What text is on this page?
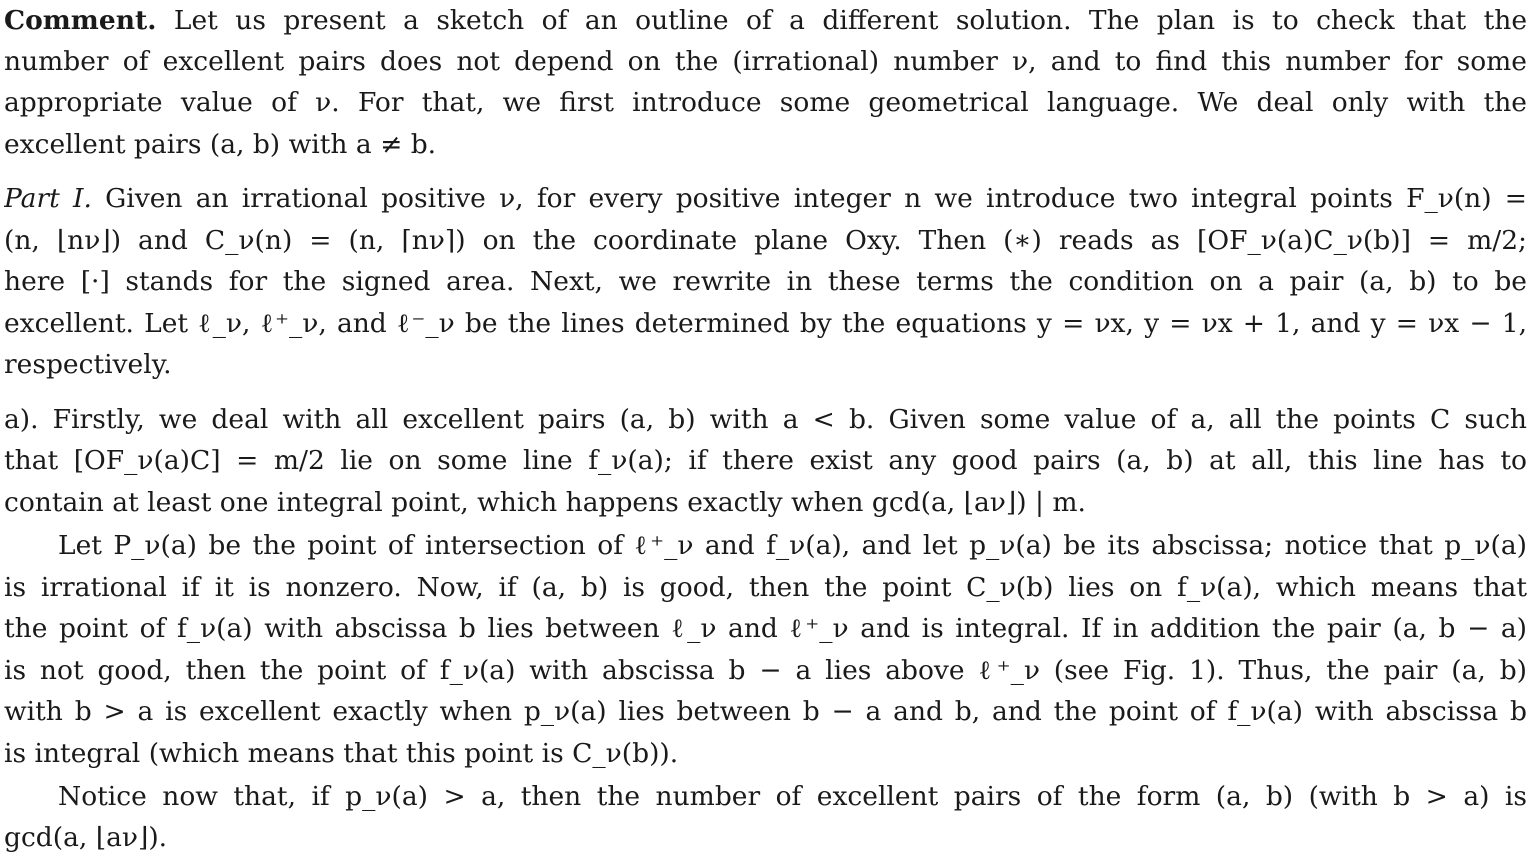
Comment. Let us present a sketch of an outline of a different solution. The plan is to check that the
number of excellent pairs does not depend on the (irrational) number ν, and to find this number for some
appropriate value of ν. For that, we first introduce some geometrical language. We deal only with the
excellent pairs (a, b) with a ≠ b.
Part I. Given an irrational positive ν, for every positive integer n we introduce two integral points F_ν(n) =
(n, ⌊nν⌋) and C_ν(n) = (n, ⌈nν⌉) on the coordinate plane Oxy. Then (∗) reads as [OF_ν(a)C_ν(b)] = m/2;
here [·] stands for the signed area. Next, we rewrite in these terms the condition on a pair (a, b) to be
excellent. Let ℓ_ν, ℓ⁺_ν, and ℓ⁻_ν be the lines determined by the equations y = νx, y = νx + 1, and y = νx − 1,
respectively.
a). Firstly, we deal with all excellent pairs (a, b) with a < b. Given some value of a, all the points C such
that [OF_ν(a)C] = m/2 lie on some line f_ν(a); if there exist any good pairs (a, b) at all, this line has to
contain at least one integral point, which happens exactly when gcd(a, ⌊aν⌋) | m.
Let P_ν(a) be the point of intersection of ℓ⁺_ν and f_ν(a), and let p_ν(a) be its abscissa; notice that p_ν(a)
is irrational if it is nonzero. Now, if (a, b) is good, then the point C_ν(b) lies on f_ν(a), which means that
the point of f_ν(a) with abscissa b lies between ℓ_ν and ℓ⁺_ν and is integral. If in addition the pair (a, b − a)
is not good, then the point of f_ν(a) with abscissa b − a lies above ℓ⁺_ν (see Fig. 1). Thus, the pair (a, b)
with b > a is excellent exactly when p_ν(a) lies between b − a and b, and the point of f_ν(a) with abscissa b
is integral (which means that this point is C_ν(b)).
Notice now that, if p_ν(a) > a, then the number of excellent pairs of the form (a, b) (with b > a) is
gcd(a, ⌊aν⌋).
